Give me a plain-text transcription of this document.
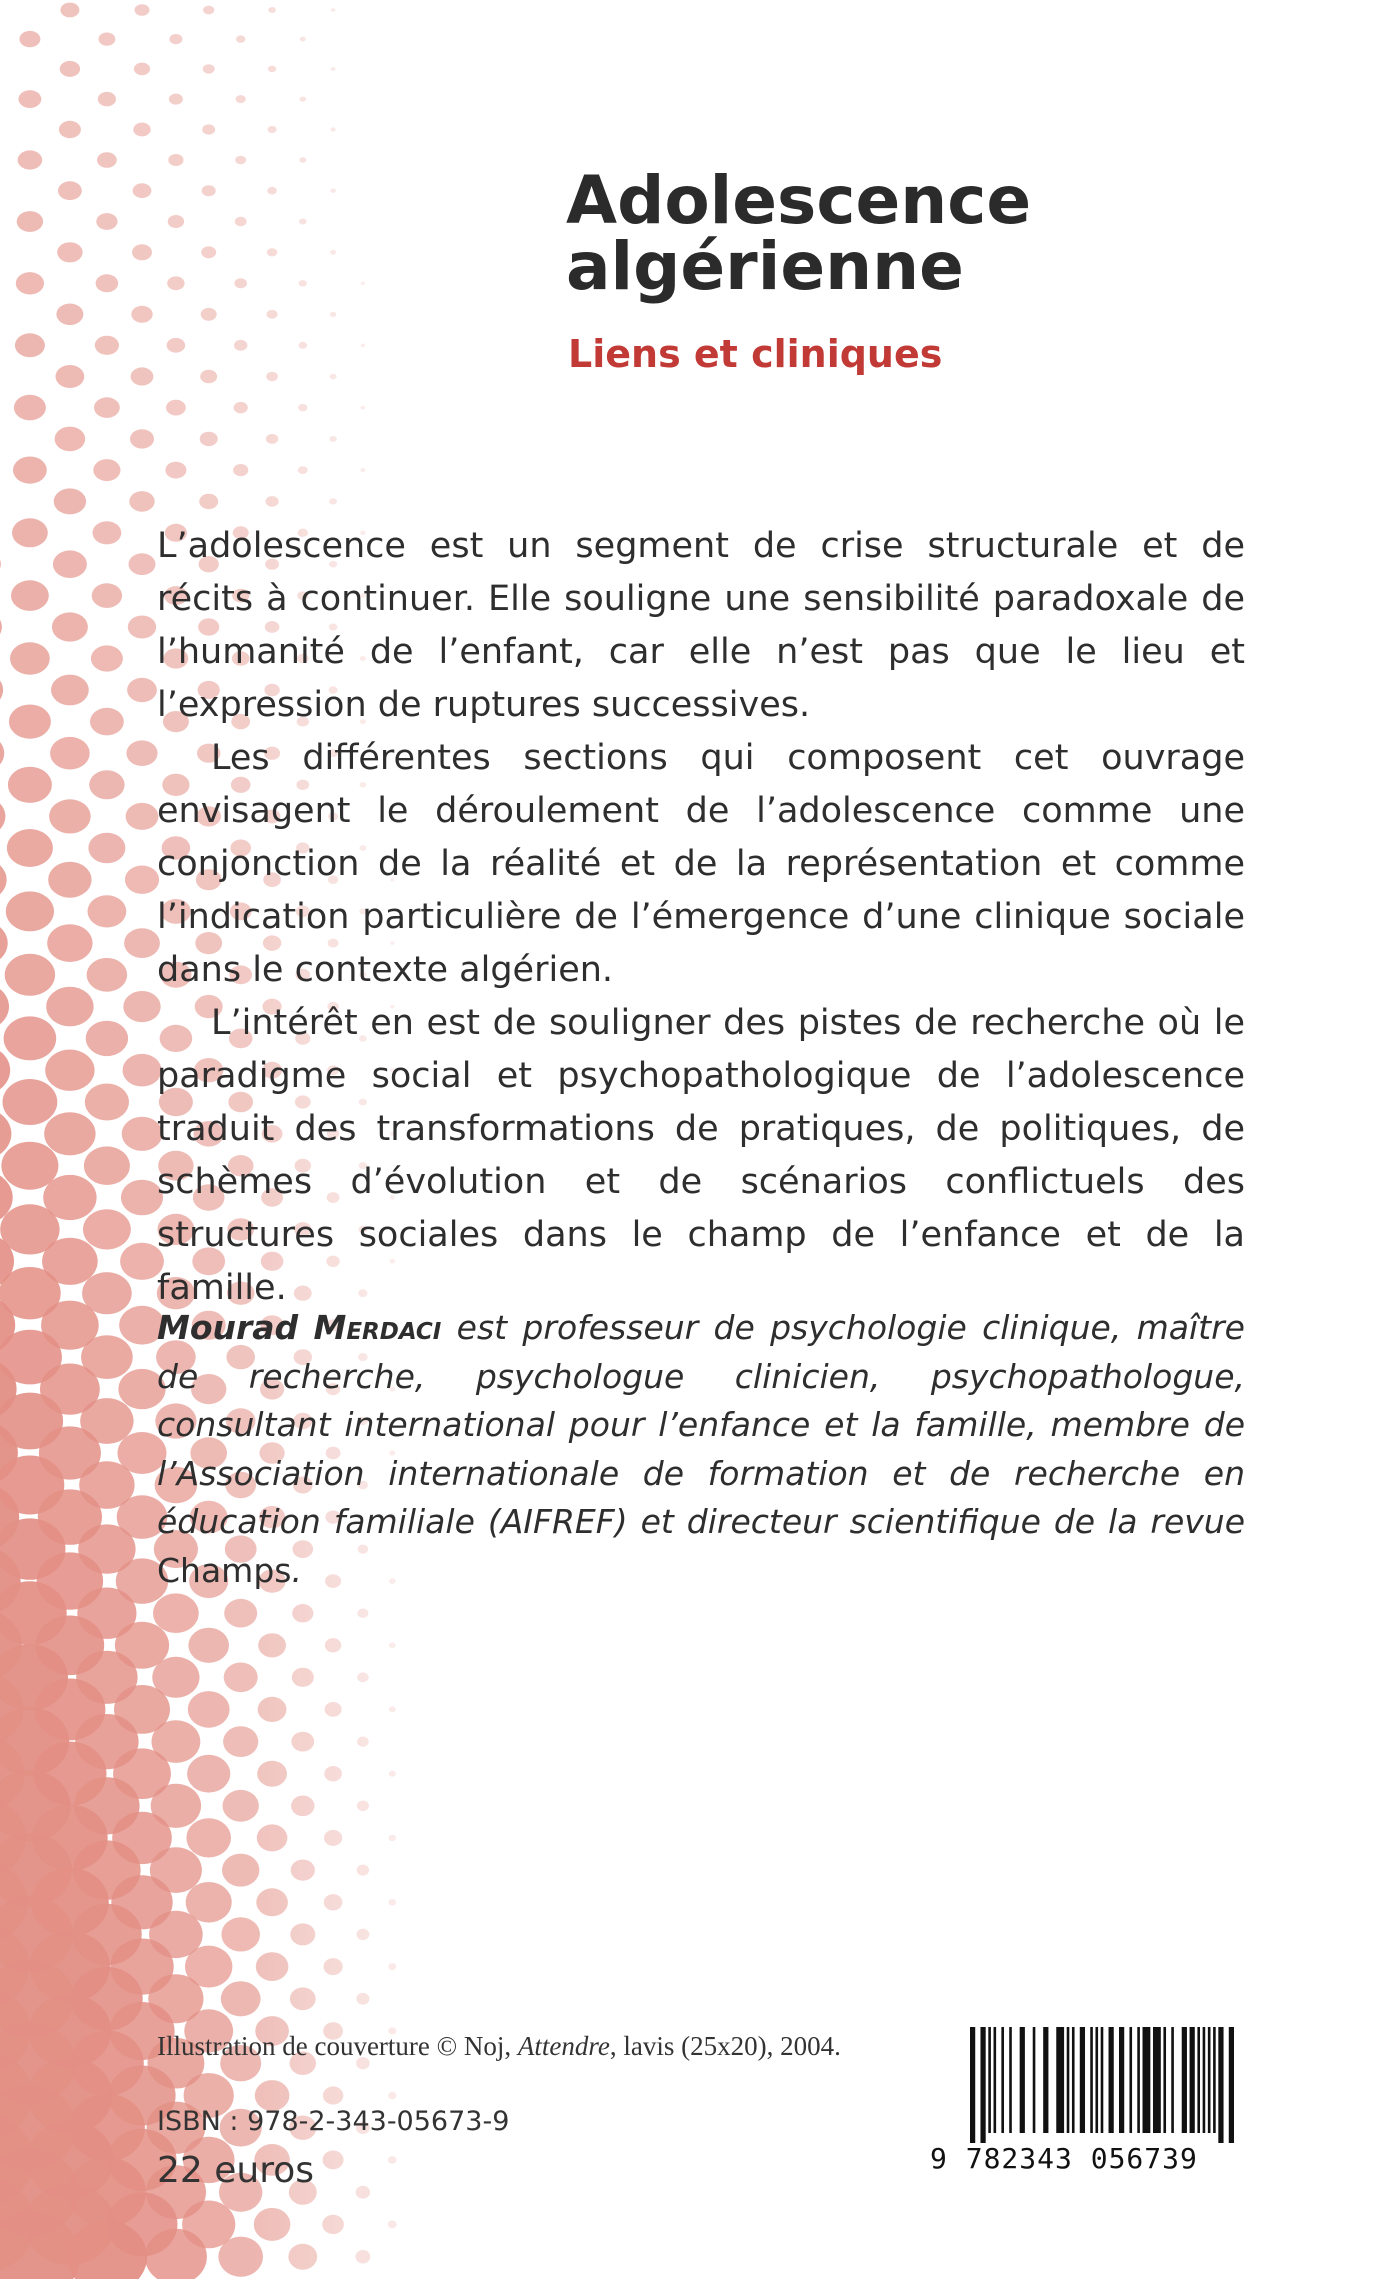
Adolescence
algérienne
Liens et cliniques

L’adolescence est un segment de crise structurale et de récits à continuer. Elle souligne une sensibilité paradoxale de l’humanité de l’enfant, car elle n’est pas que le lieu et l’expression de ruptures successives.

Les différentes sections qui composent cet ouvrage envisagent le déroulement de l’adolescence comme une conjonction de la réalité et de la représentation et comme l’indication particulière de l’émergence d’une clinique sociale dans le contexte algérien.

L’intérêt en est de souligner des pistes de recherche où le paradigme social et psychopathologique de l’adolescence traduit des transformations de pratiques, de politiques, de schèmes d’évolution et de scénarios conflictuels des structures sociales dans le champ de l’enfance et de la famille.

Mourad Merdaci est professeur de psychologie clinique, maître de recherche, psychologue clinicien, psychopathologue, consultant international pour l’enfance et la famille, membre de l’Association internationale de formation et de recherche en éducation familiale (AIFREF) et directeur scientifique de la revue Champs.
Illustration de couverture © Noj, Attendre, lavis (25x20), 2004.
ISBN : 978-2-343-05673-9
22 euros	9 782343 056739
